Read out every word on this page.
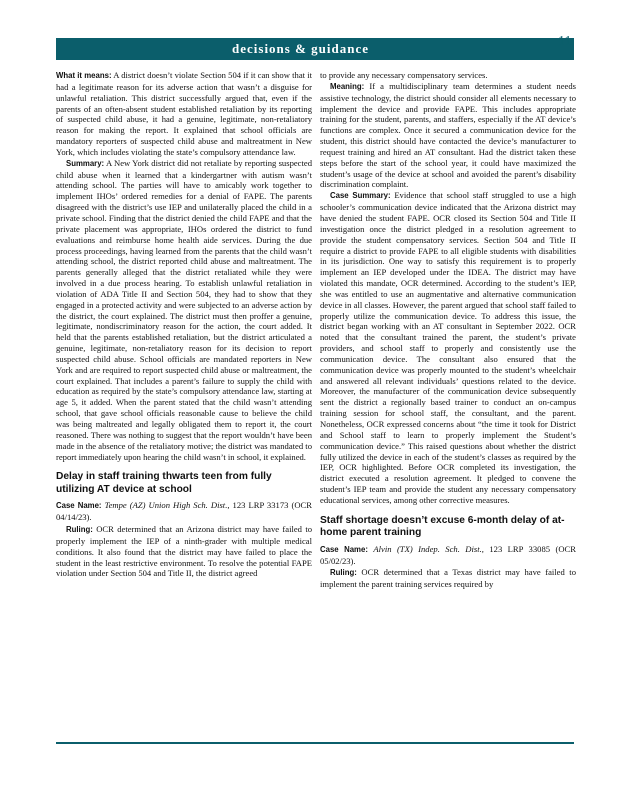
decisions & guidance	11

What it means: A district doesn’t violate Section 504 if it can show that it had a legitimate reason for its adverse action that wasn’t a disguise for unlawful retaliation. This district successfully argued that, even if the parents of an often-absent student established retaliation by its reporting of suspected child abuse, it had a genuine, legitimate, non-retaliatory reason for making the report. It explained that school officials are mandatory reporters of suspected child abuse and maltreatment in New York, which includes violating the state’s compulsory attendance law.

Summary: A New York district did not retaliate by reporting suspected child abuse when it learned that a kindergartner with autism wasn’t attending school. The parties will have to amicably work together to implement IHOs’ ordered remedies for a denial of FAPE. The parents disagreed with the district’s use IEP and unilaterally placed the child in a private school. Finding that the district denied the child FAPE and that the private placement was appropriate, IHOs ordered the district to fund evaluations and reimburse home health aide services. During the due process proceedings, having learned from the parents that the child wasn’t attending school, the district reported child abuse and maltreatment. The parents generally alleged that the district retaliated while they were involved in a due process hearing. To establish unlawful retaliation in violation of ADA Title II and Section 504, they had to show that they engaged in a protected activity and were subjected to an adverse action by the district, the court explained. The district must then proffer a genuine, legitimate, nondiscriminatory reason for the action, the court added. It held that the parents established retaliation, but the district articulated a genuine, legitimate, non-retaliatory reason for its decision to report suspected child abuse. School officials are mandated reporters in New York and are required to report suspected child abuse or maltreatment, the court explained. That includes a parent’s failure to supply the child with education as required by the state’s compulsory attendance law, starting at age 5, it added. When the parent stated that the child wasn’t attending school, that gave school officials reasonable cause to believe the child was being maltreated and legally obligated them to report it, the court reasoned. There was nothing to suggest that the report wouldn’t have been made in the absence of the retaliatory motive; the district was mandated to report immediately upon hearing the child wasn’t in school, it explained.

Delay in staff training thwarts teen from fully utilizing AT device at school

Case Name: Tempe (AZ) Union High Sch. Dist., 123 LRP 33173 (OCR 04/14/23).

Ruling: OCR determined that an Arizona district may have failed to properly implement the IEP of a ninth-grader with multiple medical conditions. It also found that the district may have failed to place the student in the least restrictive environment. To resolve the potential FAPE violation under Section 504 and Title II, the district agreed

to provide any necessary compensatory services.

Meaning: If a multidisciplinary team determines a student needs assistive technology, the district should consider all elements necessary to implement the device and provide FAPE. This includes appropriate training for the student, parents, and staffers, especially if the AT device’s functions are complex. Once it secured a communication device for the student, this district should have contacted the device’s manufacturer to request training and hired an AT consultant. Had the district taken these steps before the start of the school year, it could have maximized the student’s usage of the device at school and avoided the parent’s disability discrimination complaint.

Case Summary: Evidence that school staff struggled to use a high schooler’s communication device indicated that the Arizona district may have denied the student FAPE. OCR closed its Section 504 and Title II investigation once the district pledged in a resolution agreement to provide the student compensatory services. Section 504 and Title II require a district to provide FAPE to all eligible students with disabilities in its jurisdiction. One way to satisfy this requirement is to properly implement an IEP developed under the IDEA. The district may have violated this mandate, OCR determined. According to the student’s IEP, she was entitled to use an augmentative and alternative communication device in all classes. However, the parent argued that school staff failed to properly utilize the communication device. To address this issue, the district began working with an AT consultant in September 2022. OCR noted that the consultant trained the parent, the student’s private providers, and school staff to properly and consistently use the communication device. The consultant also ensured that the communication device was properly mounted to the student’s wheelchair and answered all relevant individuals’ questions related to the device. Moreover, the manufacturer of the communication device subsequently sent the district a regionally based trainer to conduct an on-campus training session for school staff, the consultant, and the parent. Nonetheless, OCR expressed concerns about “the time it took for District and School staff to learn to properly implement the Student’s communication device.” This raised questions about whether the district fully utilized the device in each of the student’s classes as required by the IEP, OCR highlighted. Before OCR completed its investigation, the district executed a resolution agreement. It pledged to convene the student’s IEP team and provide the student any necessary compensatory educational services, among other corrective measures.

Staff shortage doesn’t excuse 6-month delay of at-home parent training

Case Name: Alvin (TX) Indep. Sch. Dist., 123 LRP 33085 (OCR 05/02/23).

Ruling: OCR determined that a Texas district may have failed to implement the parent training services required by
